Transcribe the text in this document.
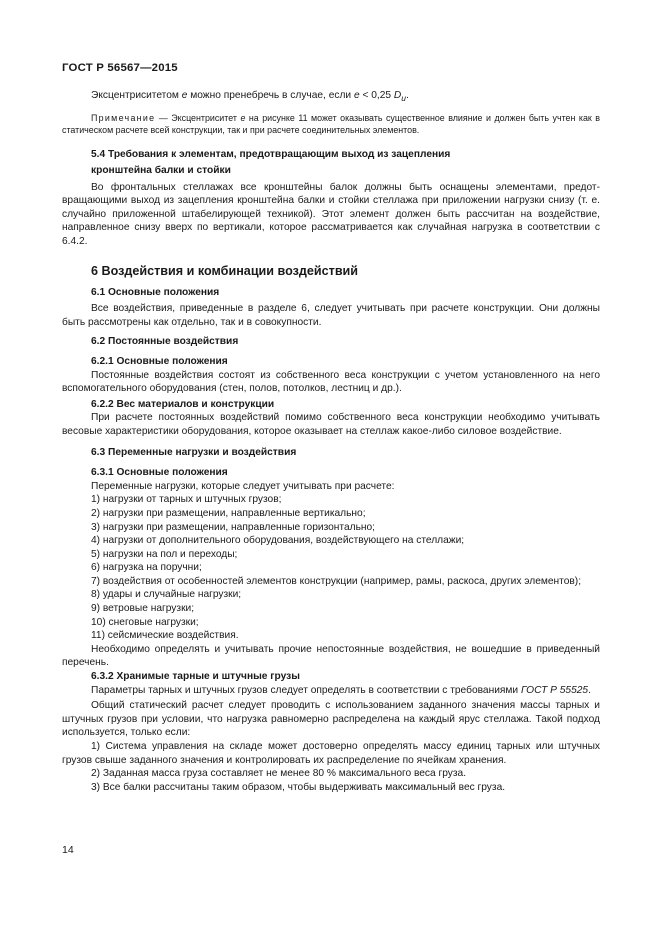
ГОСТ Р 56567—2015

Эксцентриситетом е можно пренебречь в случае, если е < 0,25 $D_u$.

Примечание — Эксцентриситет е на рисунке 11 может оказывать существенное влияние и должен быть учтен как в статическом расчете всей конструкции, так и при расчете соединительных элементов.

5.4 Требования к элементам, предотвращающим выход из зацепления
кронштейна балки и стойки

Во фронтальных стеллажах все кронштейны балок должны быть оснащены элементами, предотвращающими выход из зацепления кронштейна балки и стойки стеллажа при приложении нагрузки снизу (т. е. случайно приложенной штабелирующей техникой). Этот элемент должен быть рассчитан на воздействие, направленное снизу вверх по вертикали, которое рассматривается как случайная нагрузка в соответствии с 6.4.2.

6 Воздействия и комбинации воздействий
6.1 Основные положения

Все воздействия, приведенные в разделе 6, следует учитывать при расчете конструкции. Они должны быть рассмотрены как отдельно, так и в совокупности.

6.2 Постоянные воздействия
6.2.1 Основные положения

Постоянные воздействия состоят из собственного веса конструкции с учетом установленного на него вспомогательного оборудования (стен, полов, потолков, лестниц и др.).

6.2.2 Вес материалов и конструкции

При расчете постоянных воздействий помимо собственного веса конструкции необходимо учитывать весовые характеристики оборудования, которое оказывает на стеллаж какое-либо силовое воздействие.

6.3 Переменные нагрузки и воздействия
6.3.1 Основные положения

Переменные нагрузки, которые следует учитывать при расчете:

1) нагрузки от тарных и штучных грузов;

2) нагрузки при размещении, направленные вертикально;

3) нагрузки при размещении, направленные горизонтально;

4) нагрузки от дополнительного оборудования, воздействующего на стеллажи;

5) нагрузки на пол и переходы;

6) нагрузка на поручни;

7) воздействия от особенностей элементов конструкции (например, рамы, раскоса, других элементов);

8) удары и случайные нагрузки;

9) ветровые нагрузки;

10) снеговые нагрузки;

11) сейсмические воздействия.

Необходимо определять и учитывать прочие непостоянные воздействия, не вошедшие в приведенный перечень.

6.3.2 Хранимые тарные и штучные грузы

Параметры тарных и штучных грузов следует определять в соответствии с требованиями ГОСТ Р 55525.

Общий статический расчет следует проводить с использованием заданного значения массы тарных и штучных грузов при условии, что нагрузка равномерно распределена на каждый ярус стеллажа. Такой подход используется, только если:

1) Система управления на складе может достоверно определять массу единиц тарных или штучных грузов свыше заданного значения и контролировать их распределение по ячейкам хранения.

2) Заданная масса груза составляет не менее 80 % максимального веса груза.

3) Все балки рассчитаны таким образом, чтобы выдерживать максимальный вес груза.

14
